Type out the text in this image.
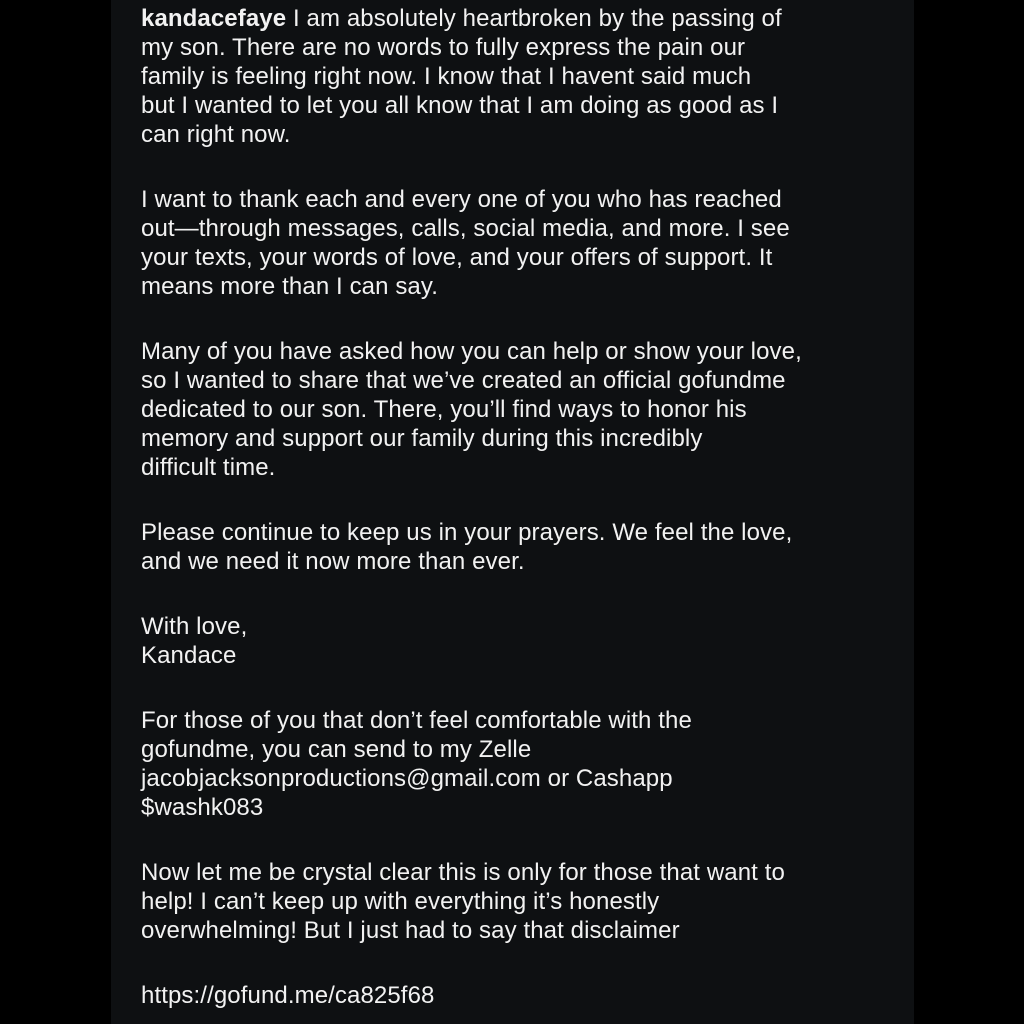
kandacefaye I am absolutely heartbroken by the passing of
my son. There are no words to fully express the pain our
family is feeling right now. I know that I havent said much
but I wanted to let you all know that I am doing as good as I
can right now.
I want to thank each and every one of you who has reached
out—through messages, calls, social media, and more. I see
your texts, your words of love, and your offers of support. It
means more than I can say.
Many of you have asked how you can help or show your love,
so I wanted to share that we’ve created an official gofundme
dedicated to our son. There, you’ll find ways to honor his
memory and support our family during this incredibly
difficult time.
Please continue to keep us in your prayers. We feel the love,
and we need it now more than ever.
With love,
Kandace
For those of you that don’t feel comfortable with the
gofundme, you can send to my Zelle
jacobjacksonproductions@gmail.com or Cashapp
$washk083
Now let me be crystal clear this is only for those that want to
help! I can’t keep up with everything it’s honestly
overwhelming! But I just had to say that disclaimer
https://gofund.me/ca825f68
